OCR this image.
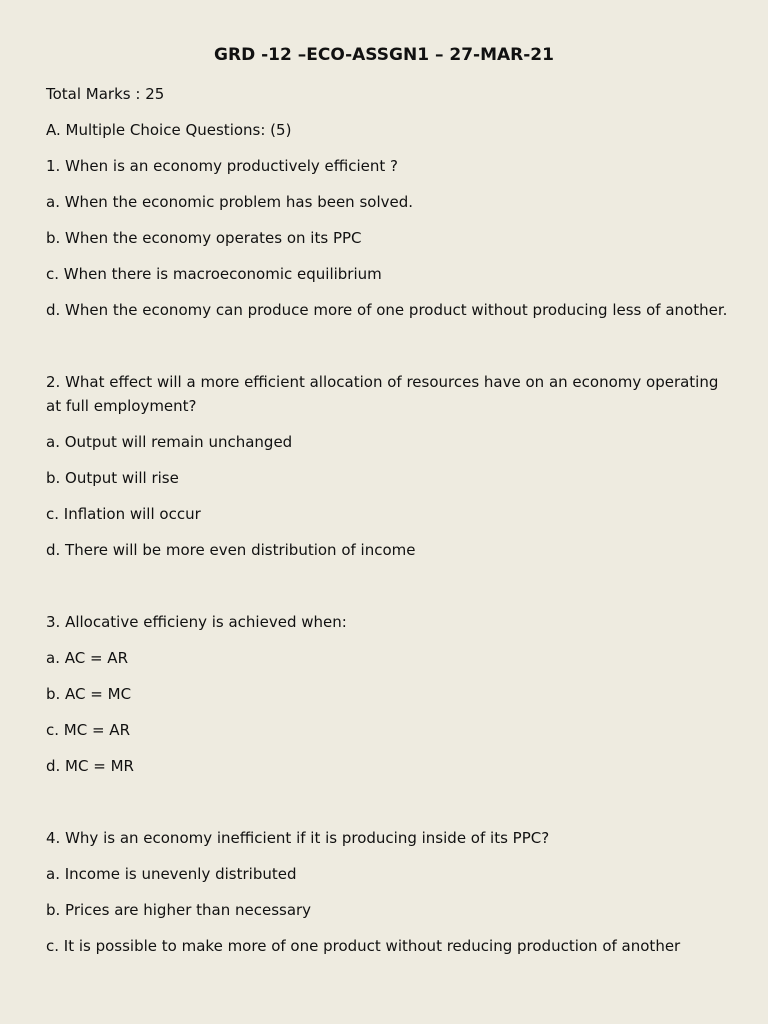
GRD -12 –ECO-ASSGN1 – 27-MAR-21
Total Marks : 25
A. Multiple Choice Questions: (5)
1. When is an economy productively efficient ?
a. When the economic problem has been solved.
b. When the economy operates on its PPC
c. When there is macroeconomic equilibrium
d. When the economy can produce more of one product without producing less of another.
2. What effect will a more efficient allocation of resources have on an economy operating at full employment?
a. Output will remain unchanged
b. Output will rise
c. Inflation will occur
d. There will be more even distribution of income
3. Allocative efficieny is achieved when:
a. AC = AR
b. AC = MC
c. MC = AR
d. MC = MR
4. Why is an economy inefficient if it is producing inside of its PPC?
a. Income is unevenly distributed
b. Prices are higher than necessary
c. It is possible to make more of one product without reducing production of another
